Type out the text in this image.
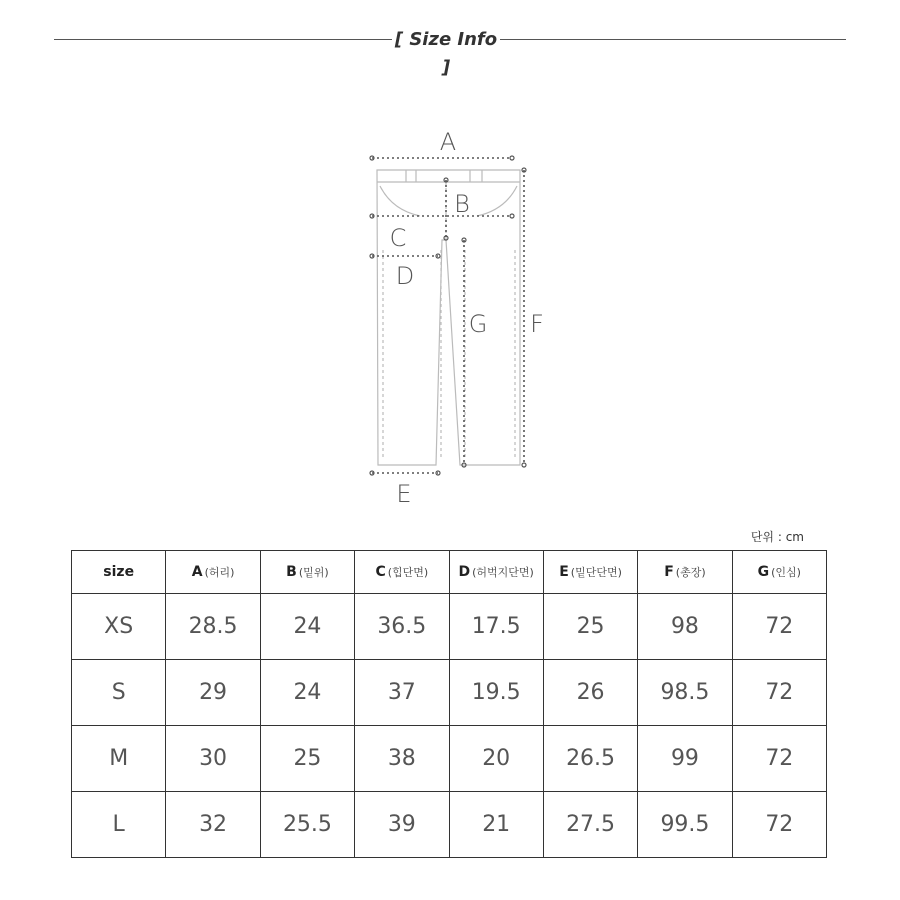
[ Size Info ]
A
B
C
D
E
F
G
단위 : cm
size	A (허리)	B (밑위)	C (힙단면)	D (허벅지단면)	E (밑단단면)	F (총장)	G (인심)
XS	28.5	24	36.5	17.5	25	98	72
S	29	24	37	19.5	26	98.5	72
M	30	25	38	20	26.5	99	72
L	32	25.5	39	21	27.5	99.5	72
